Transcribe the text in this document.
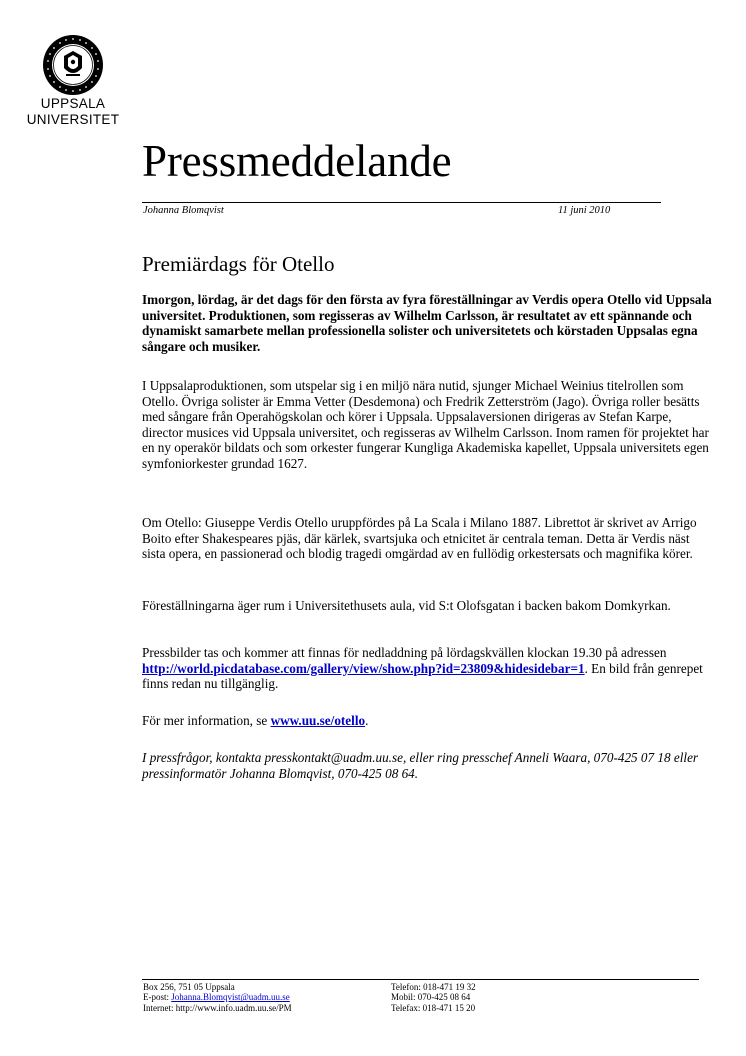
UPPSALA
UNIVERSITET
Pressmeddelande
Johanna Blomqvist	11 juni 2010
Premiärdags för Otello

Imorgon, lördag, är det dags för den första av fyra föreställningar av Verdis opera Otello vid Uppsala universitet. Produktionen, som regisseras av Wilhelm Carlsson, är resultatet av ett spännande och dynamiskt samarbete mellan professionella solister och universitetets och körstaden Uppsalas egna sångare och musiker.

I Uppsalaproduktionen, som utspelar sig i en miljö nära nutid, sjunger Michael Weinius titelrollen som Otello. Övriga solister är Emma Vetter (Desdemona) och Fredrik Zetterström (Jago). Övriga roller besätts med sångare från Operahögskolan och körer i Uppsala. Uppsalaversionen dirigeras av Stefan Karpe, director musices vid Uppsala universitet, och regisseras av Wilhelm Carlsson. Inom ramen för projektet har en ny operakör bildats och som orkester fungerar Kungliga Akademiska kapellet, Uppsala universitets egen symfoniorkester grundad 1627.

Om Otello: Giuseppe Verdis Otello uruppfördes på La Scala i Milano 1887. Librettot är skrivet av Arrigo Boito efter Shakespeares pjäs, där kärlek, svartsjuka och etnicitet är centrala teman. Detta är Verdis näst sista opera, en passionerad och blodig tragedi omgärdad av en fullödig orkestersats och magnifika körer.

Föreställningarna äger rum i Universitethusets aula, vid S:t Olofsgatan i backen bakom Domkyrkan.

Pressbilder tas och kommer att finnas för nedladdning på lördagskvällen klockan 19.30 på adressen http://world.picdatabase.com/gallery/view/show.php?id=23809&hidesidebar=1. En bild från genrepet finns redan nu tillgänglig.

För mer information, se www.uu.se/otello.

I pressfrågor, kontakta presskontakt@uadm.uu.se, eller ring presschef Anneli Waara, 070-425 07 18 eller pressinformatör Johanna Blomqvist, 070-425 08 64.

Box 256, 751 05 Uppsala
E-post: Johanna.Blomqvist@uadm.uu.se
Internet: http://www.info.uadm.uu.se/PM
Telefon: 018-471 19 32
Mobil: 070-425 08 64
Telefax: 018-471 15 20
